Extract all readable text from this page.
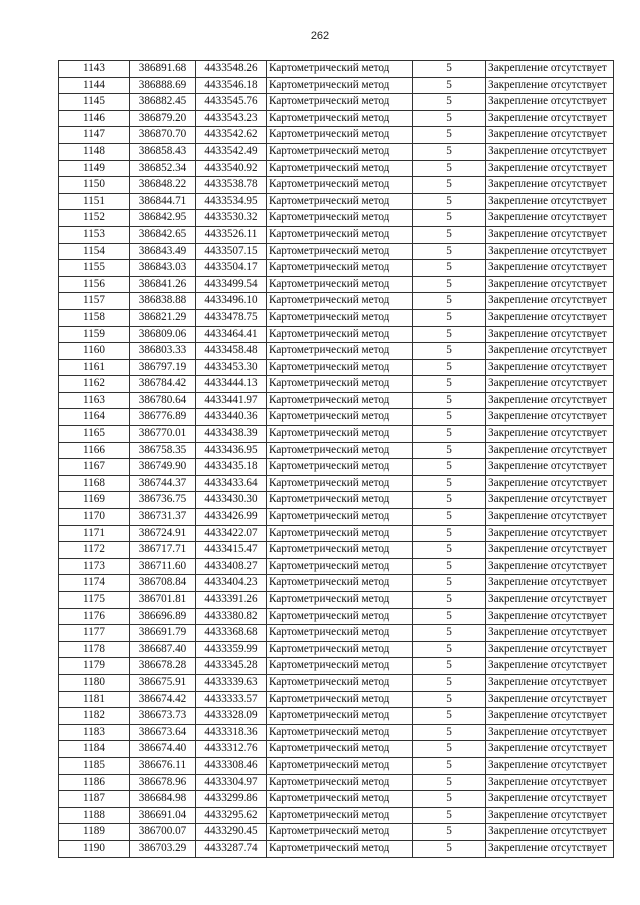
262
1143	386891.68	4433548.26	Картометрический метод	5	Закрепление отсутствует
1144	386888.69	4433546.18	Картометрический метод	5	Закрепление отсутствует
1145	386882.45	4433545.76	Картометрический метод	5	Закрепление отсутствует
1146	386879.20	4433543.23	Картометрический метод	5	Закрепление отсутствует
1147	386870.70	4433542.62	Картометрический метод	5	Закрепление отсутствует
1148	386858.43	4433542.49	Картометрический метод	5	Закрепление отсутствует
1149	386852.34	4433540.92	Картометрический метод	5	Закрепление отсутствует
1150	386848.22	4433538.78	Картометрический метод	5	Закрепление отсутствует
1151	386844.71	4433534.95	Картометрический метод	5	Закрепление отсутствует
1152	386842.95	4433530.32	Картометрический метод	5	Закрепление отсутствует
1153	386842.65	4433526.11	Картометрический метод	5	Закрепление отсутствует
1154	386843.49	4433507.15	Картометрический метод	5	Закрепление отсутствует
1155	386843.03	4433504.17	Картометрический метод	5	Закрепление отсутствует
1156	386841.26	4433499.54	Картометрический метод	5	Закрепление отсутствует
1157	386838.88	4433496.10	Картометрический метод	5	Закрепление отсутствует
1158	386821.29	4433478.75	Картометрический метод	5	Закрепление отсутствует
1159	386809.06	4433464.41	Картометрический метод	5	Закрепление отсутствует
1160	386803.33	4433458.48	Картометрический метод	5	Закрепление отсутствует
1161	386797.19	4433453.30	Картометрический метод	5	Закрепление отсутствует
1162	386784.42	4433444.13	Картометрический метод	5	Закрепление отсутствует
1163	386780.64	4433441.97	Картометрический метод	5	Закрепление отсутствует
1164	386776.89	4433440.36	Картометрический метод	5	Закрепление отсутствует
1165	386770.01	4433438.39	Картометрический метод	5	Закрепление отсутствует
1166	386758.35	4433436.95	Картометрический метод	5	Закрепление отсутствует
1167	386749.90	4433435.18	Картометрический метод	5	Закрепление отсутствует
1168	386744.37	4433433.64	Картометрический метод	5	Закрепление отсутствует
1169	386736.75	4433430.30	Картометрический метод	5	Закрепление отсутствует
1170	386731.37	4433426.99	Картометрический метод	5	Закрепление отсутствует
1171	386724.91	4433422.07	Картометрический метод	5	Закрепление отсутствует
1172	386717.71	4433415.47	Картометрический метод	5	Закрепление отсутствует
1173	386711.60	4433408.27	Картометрический метод	5	Закрепление отсутствует
1174	386708.84	4433404.23	Картометрический метод	5	Закрепление отсутствует
1175	386701.81	4433391.26	Картометрический метод	5	Закрепление отсутствует
1176	386696.89	4433380.82	Картометрический метод	5	Закрепление отсутствует
1177	386691.79	4433368.68	Картометрический метод	5	Закрепление отсутствует
1178	386687.40	4433359.99	Картометрический метод	5	Закрепление отсутствует
1179	386678.28	4433345.28	Картометрический метод	5	Закрепление отсутствует
1180	386675.91	4433339.63	Картометрический метод	5	Закрепление отсутствует
1181	386674.42	4433333.57	Картометрический метод	5	Закрепление отсутствует
1182	386673.73	4433328.09	Картометрический метод	5	Закрепление отсутствует
1183	386673.64	4433318.36	Картометрический метод	5	Закрепление отсутствует
1184	386674.40	4433312.76	Картометрический метод	5	Закрепление отсутствует
1185	386676.11	4433308.46	Картометрический метод	5	Закрепление отсутствует
1186	386678.96	4433304.97	Картометрический метод	5	Закрепление отсутствует
1187	386684.98	4433299.86	Картометрический метод	5	Закрепление отсутствует
1188	386691.04	4433295.62	Картометрический метод	5	Закрепление отсутствует
1189	386700.07	4433290.45	Картометрический метод	5	Закрепление отсутствует
1190	386703.29	4433287.74	Картометрический метод	5	Закрепление отсутствует
